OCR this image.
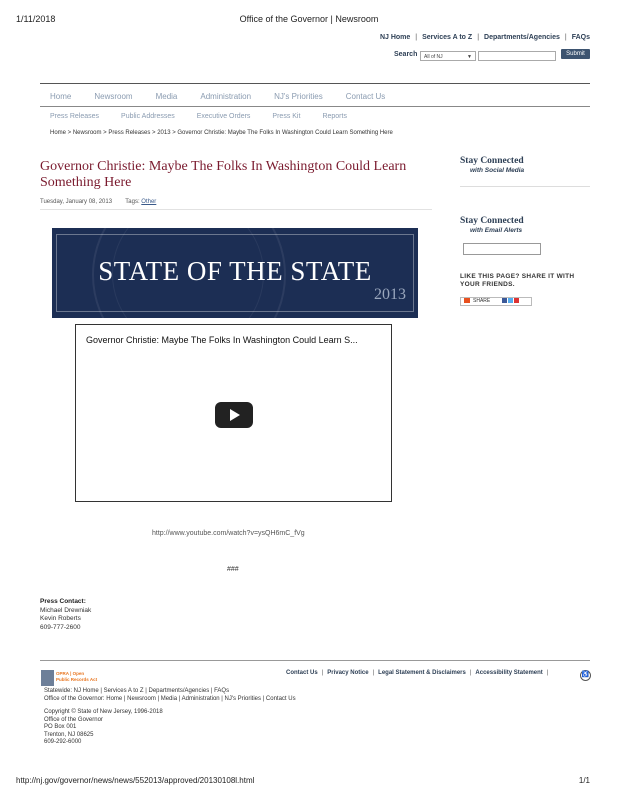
1/11/2018	Office of the Governor | Newsroom
NJ Home | Services A to Z | Departments/Agencies | FAQs
Search	All of NJ	▼	Submit
Home	Newsroom	Media	Administration	NJ's Priorities	Contact Us
Press Releases	Public Addresses	Executive Orders	Press Kit	Reports
Home > Newsroom > Press Releases > 2013 > Governor Christie: Maybe The Folks In Washington Could Learn Something Here
Governor Christie: Maybe The Folks In Washington Could Learn Something Here
Tuesday, January 08, 2013 Tags: Other
STATE OF THE STATE
2013
Governor Christie: Maybe The Folks In Washington Could Learn S...
http://www.youtube.com/watch?v=ysQH6mC_fVg
###
Press Contact:
Michael Drewniak
Kevin Roberts
609-777-2600
Stay Connected
with Social Media
Stay Connected
with Email Alerts
LIKE THIS PAGE? SHARE IT WITH YOUR FRIENDS.
SHARE
OPRA | Open
Public Records Act
Contact Us | Privacy Notice | Legal Statement & Disclaimers | Accessibility Statement |	♿
Statewide: NJ Home | Services A to Z | Departments/Agencies | FAQs
Office of the Governor: Home | Newsroom | Media | Administration | NJ's Priorities | Contact Us
Copyright © State of New Jersey, 1996-2018
Office of the Governor
PO Box 001
Trenton, NJ 08625
609-292-6000
http://nj.gov/governor/news/news/552013/approved/20130108l.html	1/1
